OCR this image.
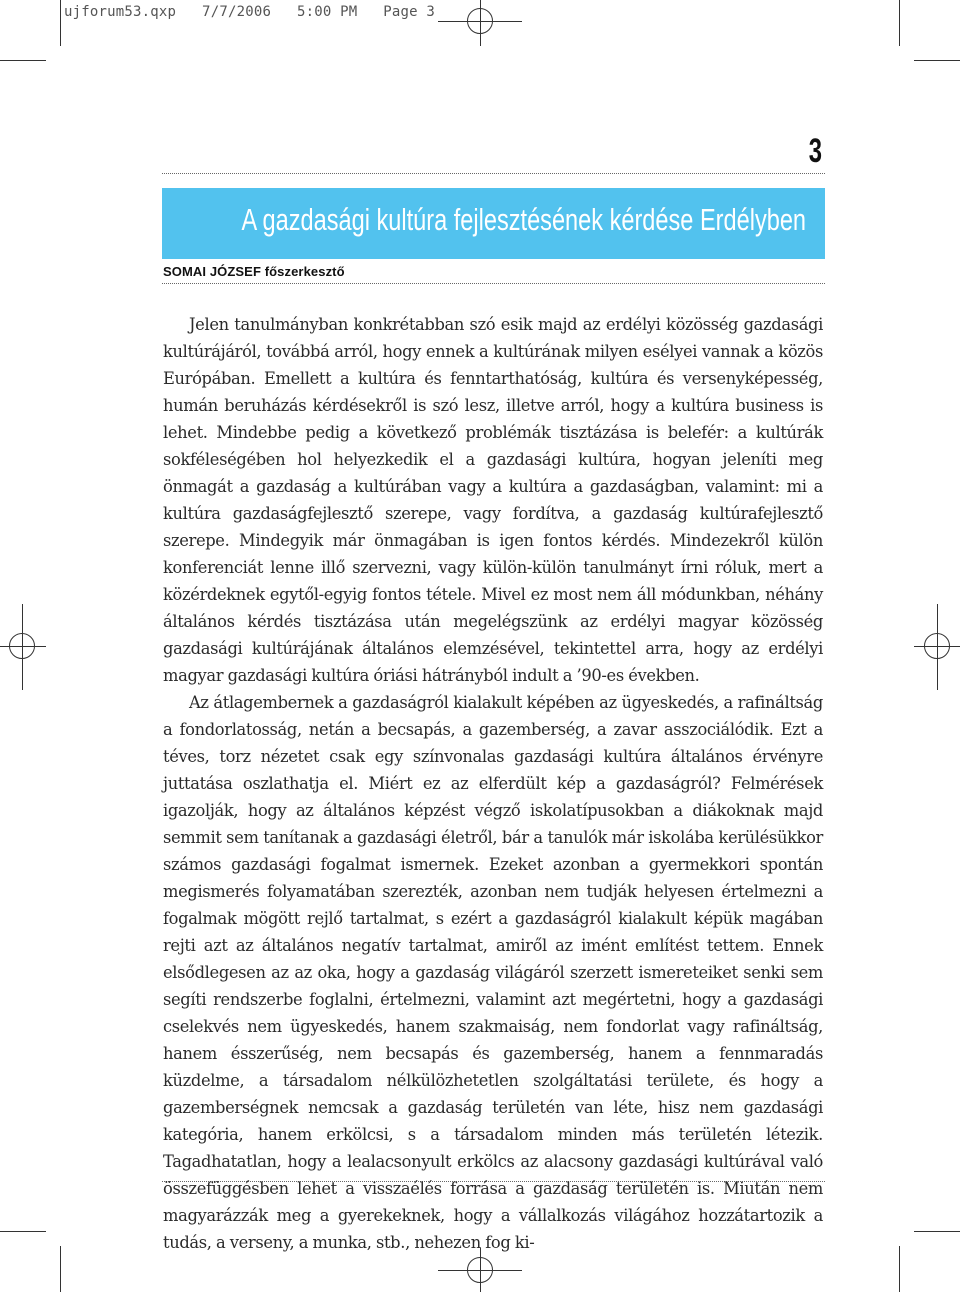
ujforum53.qxp   7/7/2006   5:00 PM   Page 3
3
A gazdasági kultúra fejlesztésének kérdése Erdélyben
SOMAI JÓZSEF főszerkesztő

Jelen tanulmányban konkrétabban szó esik majd az erdélyi közösség gazdasági kultúrájáról, továbbá arról, hogy ennek a kultúrának milyen esélyei vannak a közös Európában. Emellett a kultúra és fenntarthatóság, kultúra és versenyképesség, humán beruházás kérdésekről is szó lesz, illetve arról, hogy a kultúra business is lehet. Mindebbe pedig a következő problémák tisztázása is belefér: a kultúrák sokféleségében hol helyezkedik el a gazdasági kultúra, hogyan jeleníti meg önmagát a gazdaság a kultúrában vagy a kultúra a gazdaságban, valamint: mi a kultúra gazdaságfejlesztő szerepe, vagy fordítva, a gazdaság kultúrafejlesztő szerepe. Mindegyik már önmagában is igen fontos kérdés. Mindezekről külön konferenciát lenne illő szervezni, vagy külön-külön tanulmányt írni róluk, mert a közérdeknek egytől-egyig fontos tétele. Mivel ez most nem áll módunkban, néhány általános kérdés tisztázása után megelégszünk az erdélyi magyar közösség gazdasági kultúrájának általános elemzésével, tekintettel arra, hogy az erdélyi magyar gazdasági kultúra óriási hátrányból indult a ’90-es években.

Az átlagembernek a gazdaságról kialakult képében az ügyeskedés, a rafináltság a fondorlatosság, netán a becsapás, a gazemberség, a zavar asszociálódik. Ezt a téves, torz nézetet csak egy színvonalas gazdasági kultúra általános érvényre juttatása oszlathatja el. Miért ez az elferdült kép a gazdaságról? Felmérések igazolják, hogy az általános képzést végző iskolatípusokban a diákoknak majd semmit sem tanítanak a gazdasági életről, bár a tanulók már iskolába kerülésükkor számos gazdasági fogalmat ismernek. Ezeket azonban a gyermekkori spontán megismerés folyamatában szerezték, azonban nem tudják helyesen értelmezni a fogalmak mögött rejlő tartalmat, s ezért a gazdaságról kialakult képük magában rejti azt az általános negatív tartalmat, amiről az imént említést tettem. Ennek elsődlegesen az az oka, hogy a gazdaság világáról szerzett ismereteiket senki sem segíti rendszerbe foglalni, értelmezni, valamint azt megértetni, hogy a gazdasági cselekvés nem ügyeskedés, hanem szakmaiság, nem fondorlat vagy rafináltság, hanem ésszerűség, nem becsapás és gazemberség, hanem a fennmaradás küzdelme, a társadalom nélkülözhetetlen szolgáltatási területe, és hogy a gazemberségnek nemcsak a gazdaság területén van léte, hisz nem gazdasági kategória, hanem erkölcsi, s a társadalom minden más területén létezik. Tagadhatatlan, hogy a lealacsonyult erkölcs az alacsony gazdasági kultúrával való összefüggésben lehet a visszaélés forrása a gazdaság területén is. Miután nem magyarázzák meg a gyerekeknek, hogy a vállalkozás világához hozzátartozik a tudás, a verseny, a munka, stb., nehezen fog ki-
